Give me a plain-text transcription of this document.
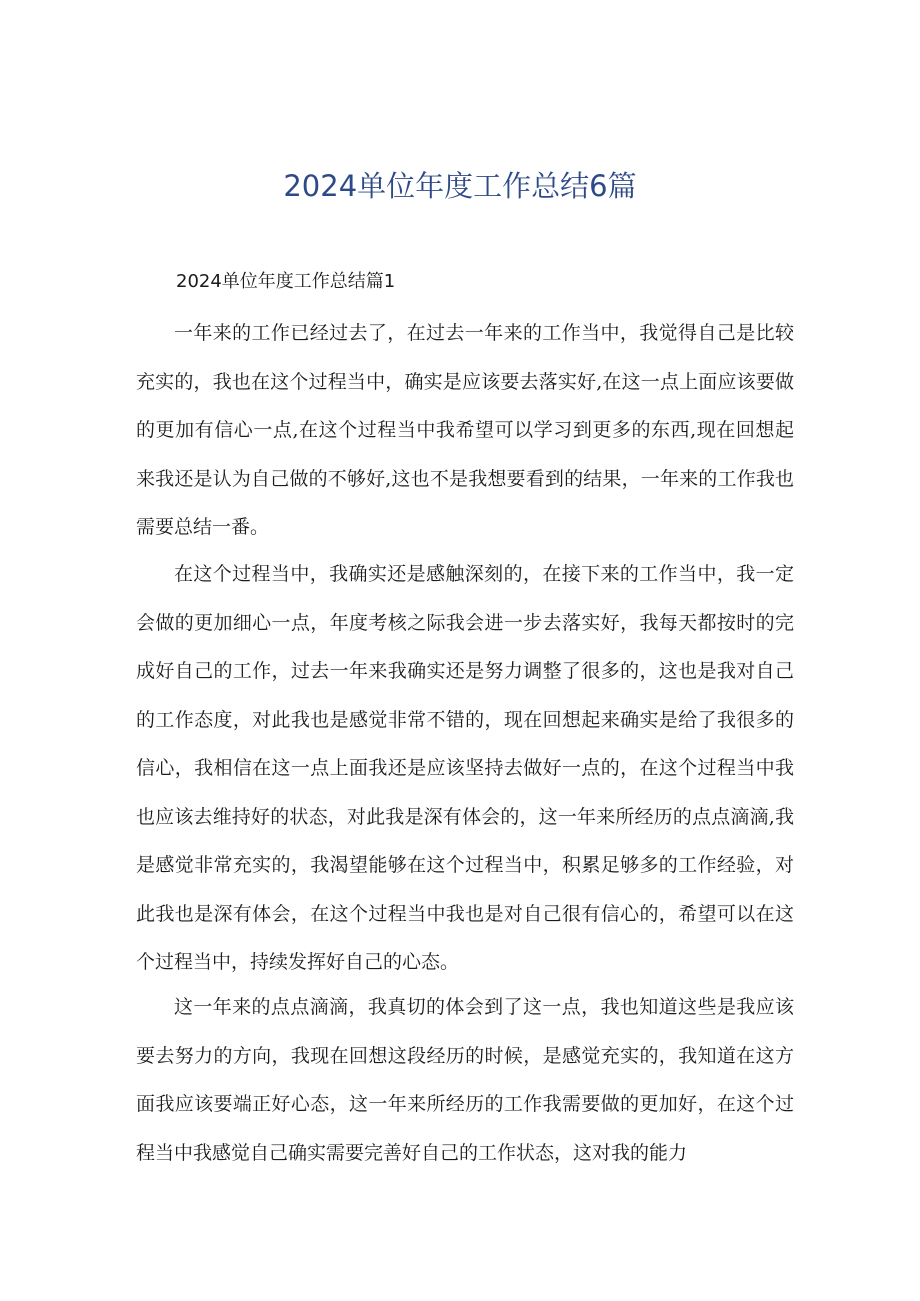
2024单位年度工作总结6篇
2024单位年度工作总结篇1

一年来的工作已经过去了，在过去一年来的工作当中，我觉得自己是比较充实的，我也在这个过程当中，确实是应该要去落实好,在这一点上面应该要做的更加有信心一点,在这个过程当中我希望可以学习到更多的东西,现在回想起来我还是认为自己做的不够好,这也不是我想要看到的结果，一年来的工作我也需要总结一番。

在这个过程当中，我确实还是感触深刻的，在接下来的工作当中，我一定会做的更加细心一点，年度考核之际我会进一步去落实好，我每天都按时的完成好自己的工作，过去一年来我确实还是努力调整了很多的，这也是我对自己的工作态度，对此我也是感觉非常不错的，现在回想起来确实是给了我很多的信心，我相信在这一点上面我还是应该坚持去做好一点的，在这个过程当中我也应该去维持好的状态，对此我是深有体会的，这一年来所经历的点点滴滴,我是感觉非常充实的，我渴望能够在这个过程当中，积累足够多的工作经验，对此我也是深有体会，在这个过程当中我也是对自己很有信心的，希望可以在这个过程当中，持续发挥好自己的心态。

这一年来的点点滴滴，我真切的体会到了这一点，我也知道这些是我应该要去努力的方向，我现在回想这段经历的时候，是感觉充实的，我知道在这方面我应该要端正好心态，这一年来所经历的工作我需要做的更加好，在这个过程当中我感觉自己确实需要完善好自己的工作状态，这对我的能力
